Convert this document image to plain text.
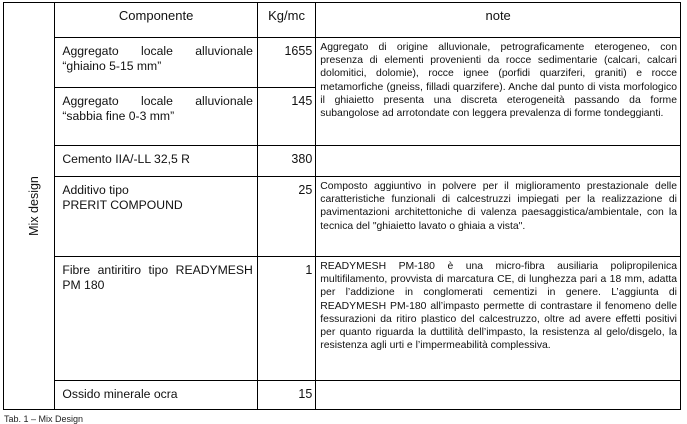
Mix design	Componente	Kg/mc	note

	Aggregato locale alluvionale
“ghiaino 5-15 mm”	1655	Aggregato di origine alluvionale, petrograficamente eterogeneo, con presenza di elementi provenienti da rocce sedimentarie (calcari, calcari dolomitici, dolomie), rocce ignee (porfidi quarziferi, graniti) e rocce metamorfiche (gneiss, filladi quarzifere). Anche dal punto di vista morfologico il ghiaietto presenta una discreta eterogeneità passando da forme subangolose ad arrotondate con leggera prevalenza di forme tondeggianti.

	Aggregato locale alluvionale
“sabbia fine 0-3 mm”	145	

	Cemento IIA/-LL 32,5 R	380	

	Additivo tipo
PRERIT COMPOUND	25	Composto aggiuntivo in polvere per il miglioramento prestazionale delle caratteristiche funzionali di calcestruzzi impiegati per la realizzazione di pavimentazioni architettoniche di valenza paesaggistica/ambientale, con la tecnica del "ghiaietto lavato o ghiaia a vista".

	Fibre antiritiro tipo READYMESH
PM 180	1	READYMESH PM-180 è una micro-fibra ausiliaria polipropilenica multifilamento, provvista di marcatura CE, di lunghezza pari a 18 mm, adatta per l’addizione in conglomerati cementizi in genere. L’aggiunta di READYMESH PM-180 all’impasto permette di contrastare il fenomeno delle fessurazioni da ritiro plastico del calcestruzzo, oltre ad avere effetti positivi per quanto riguarda la duttilità dell’impasto, la resistenza al gelo/disgelo, la resistenza agli urti e l’impermeabilità complessiva.

	Ossido minerale ocra	15	
Tab. 1 – Mix Design
